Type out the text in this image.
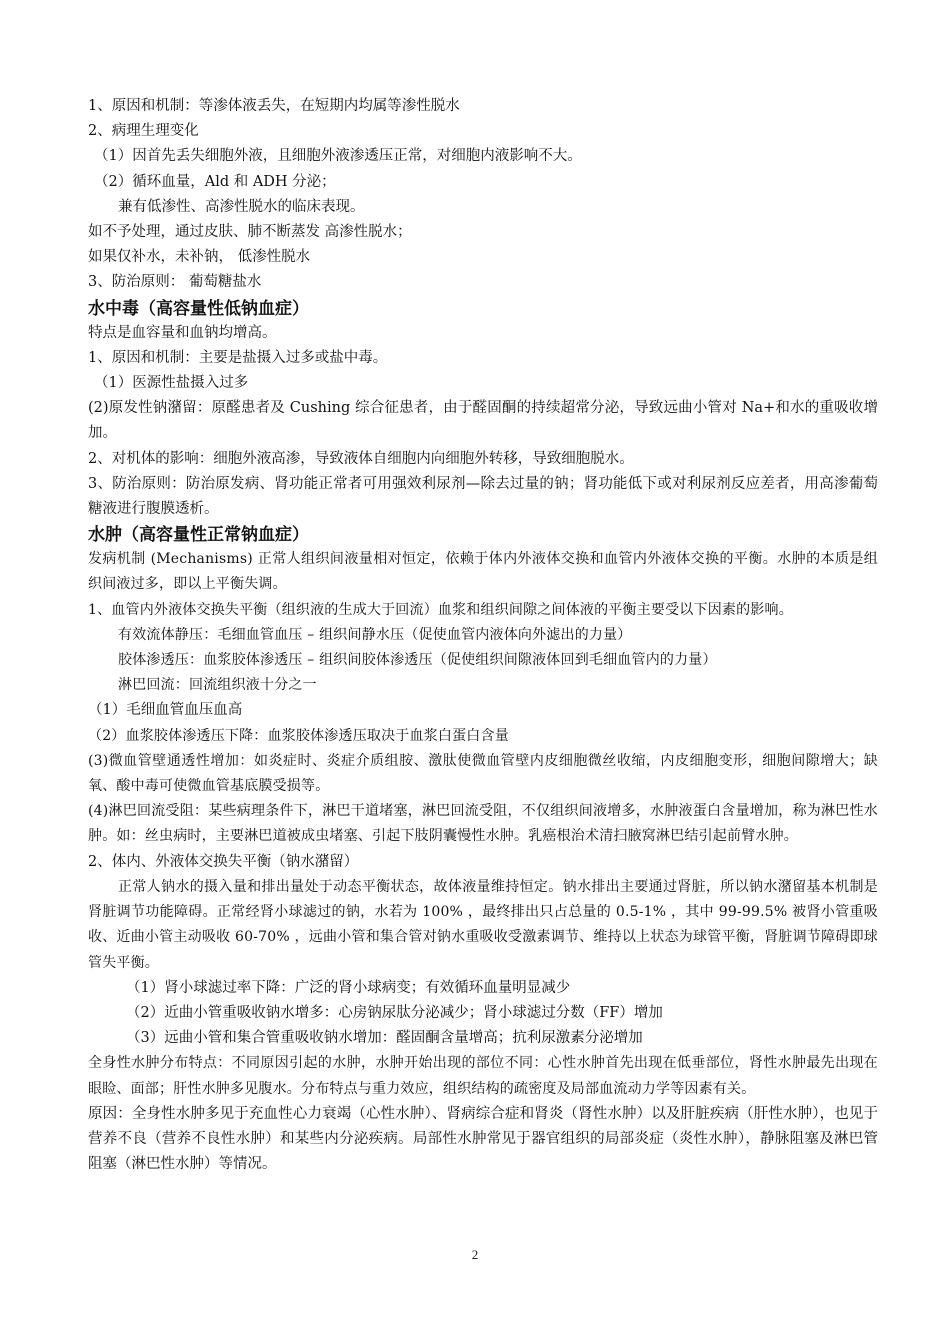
1、原因和机制：等渗体液丢失，在短期内均属等渗性脱水

2、病理生理变化

（1）因首先丢失细胞外液，且细胞外液渗透压正常，对细胞内液影响不大。

（2）循环血量，Ald 和 ADH 分泌；

兼有低渗性、高渗性脱水的临床表现。

如不予处理，通过皮肤、肺不断蒸发 高渗性脱水；

如果仅补水，未补钠， 低渗性脱水

3、防治原则： 葡萄糖盐水

水中毒（高容量性低钠血症）

特点是血容量和血钠均增高。

1、原因和机制：主要是盐摄入过多或盐中毒。

（1）医源性盐摄入过多

(2)原发性钠潴留：原醛患者及 Cushing 综合征患者，由于醛固酮的持续超常分泌，导致远曲小管对 Na+和水的重吸收增加。

2、对机体的影响：细胞外液高渗，导致液体自细胞内向细胞外转移，导致细胞脱水。

3、防治原则：防治原发病、肾功能正常者可用强效利尿剂—除去过量的钠；肾功能低下或对利尿剂反应差者，用高渗葡萄糖液进行腹膜透析。

水肿（高容量性正常钠血症）

发病机制 (Mechanisms) 正常人组织间液量相对恒定，依赖于体内外液体交换和血管内外液体交换的平衡。水肿的本质是组织间液过多，即以上平衡失调。

1、血管内外液体交换失平衡（组织液的生成大于回流）血浆和组织间隙之间体液的平衡主要受以下因素的影响。

有效流体静压：毛细血管血压 – 组织间静水压（促使血管内液体向外滤出的力量）

胶体渗透压：血浆胶体渗透压 – 组织间胶体渗透压（促使组织间隙液体回到毛细血管内的力量）

淋巴回流：回流组织液十分之一

（1）毛细血管血压血高

（2）血浆胶体渗透压下降：血浆胶体渗透压取决于血浆白蛋白含量

(3)微血管壁通透性增加：如炎症时、炎症介质组胺、激肽使微血管壁内皮细胞微丝收缩，内皮细胞变形，细胞间隙增大；缺氧、酸中毒可使微血管基底膜受损等。

(4)淋巴回流受阻：某些病理条件下，淋巴干道堵塞，淋巴回流受阻，不仅组织间液增多，水肿液蛋白含量增加，称为淋巴性水肿。如：丝虫病时，主要淋巴道被成虫堵塞、引起下肢阴囊慢性水肿。乳癌根治术清扫腋窝淋巴结引起前臂水肿。

2、体内、外液体交换失平衡（钠水潴留）

正常人钠水的摄入量和排出量处于动态平衡状态，故体液量维持恒定。钠水排出主要通过肾脏，所以钠水潴留基本机制是肾脏调节功能障碍。正常经肾小球滤过的钠，水若为 100% ，最终排出只占总量的 0.5-1% ，其中 99-99.5% 被肾小管重吸收、近曲小管主动吸收 60-70% ，远曲小管和集合管对钠水重吸收受激素调节、维持以上状态为球管平衡，肾脏调节障碍即球管失平衡。

（1）肾小球滤过率下降：广泛的肾小球病变；有效循环血量明显减少

（2）近曲小管重吸收钠水增多：心房钠尿肽分泌减少；肾小球滤过分数（FF）增加

（3）远曲小管和集合管重吸收钠水增加：醛固酮含量增高；抗利尿激素分泌增加

全身性水肿分布特点：不同原因引起的水肿，水肿开始出现的部位不同：心性水肿首先出现在低垂部位，肾性水肿最先出现在眼睑、面部；肝性水肿多见腹水。分布特点与重力效应，组织结构的疏密度及局部血流动力学等因素有关。

原因：全身性水肿多见于充血性心力衰竭（心性水肿）、肾病综合症和肾炎（肾性水肿）以及肝脏疾病（肝性水肿），也见于营养不良（营养不良性水肿）和某些内分泌疾病。局部性水肿常见于器官组织的局部炎症（炎性水肿），静脉阻塞及淋巴管阻塞（淋巴性水肿）等情况。

2
